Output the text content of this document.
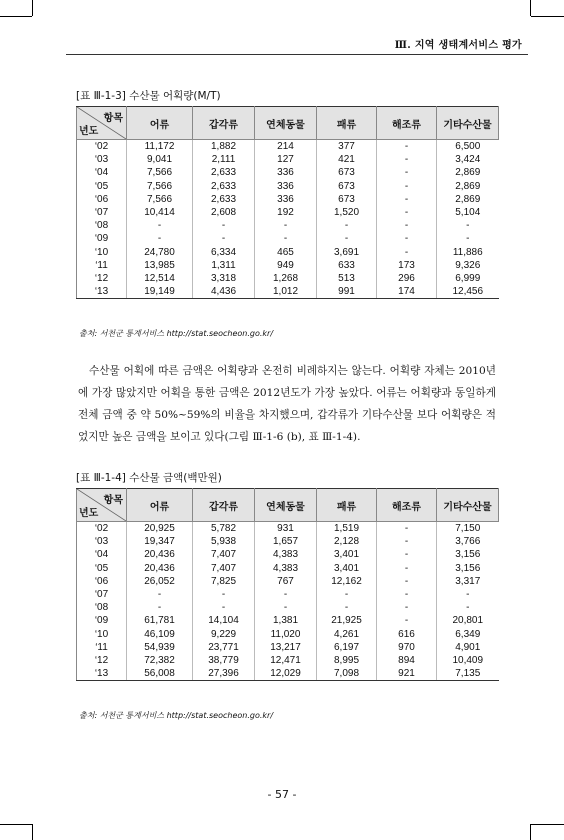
Ⅲ. 지역 생태계서비스 평가
[표 Ⅲ-1-3] 수산물 어획량(M/T)
항목
년도	어류	갑각류	연체동물	패류	해조류	기타수산물
‘02	11,172	1,882	214	377	-	6,500
‘03	9,041	2,111	127	421	-	3,424
‘04	7,566	2,633	336	673	-	2,869
‘05	7,566	2,633	336	673	-	2,869
‘06	7,566	2,633	336	673	-	2,869
‘07	10,414	2,608	192	1,520	-	5,104
‘08	-	-	-	-	-	-
‘09	-	-	-	-	-	-
‘10	24,780	6,334	465	3,691	-	11,886
‘11	13,985	1,311	949	633	173	9,326
‘12	12,514	3,318	1,268	513	296	6,999
‘13	19,149	4,436	1,012	991	174	12,456
출처: 서천군 통계서비스 http://stat.seocheon.go.kr/

수산물 어획에 따른 금액은 어획량과 온전히 비례하지는 않는다. 어획량 자체는 2010년에 가장 많았지만 어획을 통한 금액은 2012년도가 가장 높았다. 어류는 어획량과 동일하게 전체 금액 중 약 50%~59%의 비율을 차지했으며, 갑각류가 기타수산물 보다 어획량은 적었지만 높은 금액을 보이고 있다(그림 Ⅲ-1-6 (b), 표 Ⅲ-1-4).

[표 Ⅲ-1-4] 수산물 금액(백만원)
항목
년도	어류	갑각류	연체동물	패류	해조류	기타수산물
‘02	20,925	5,782	931	1,519	-	7,150
‘03	19,347	5,938	1,657	2,128	-	3,766
‘04	20,436	7,407	4,383	3,401	-	3,156
‘05	20,436	7,407	4,383	3,401	-	3,156
‘06	26,052	7,825	767	12,162	-	3,317
‘07	-	-	-	-	-	-
‘08	-	-	-	-	-	-
‘09	61,781	14,104	1,381	21,925	-	20,801
‘10	46,109	9,229	11,020	4,261	616	6,349
‘11	54,939	23,771	13,217	6,197	970	4,901
‘12	72,382	38,779	12,471	8,995	894	10,409
‘13	56,008	27,396	12,029	7,098	921	7,135
출처: 서천군 통계서비스 http://stat.seocheon.go.kr/
- 57 -
